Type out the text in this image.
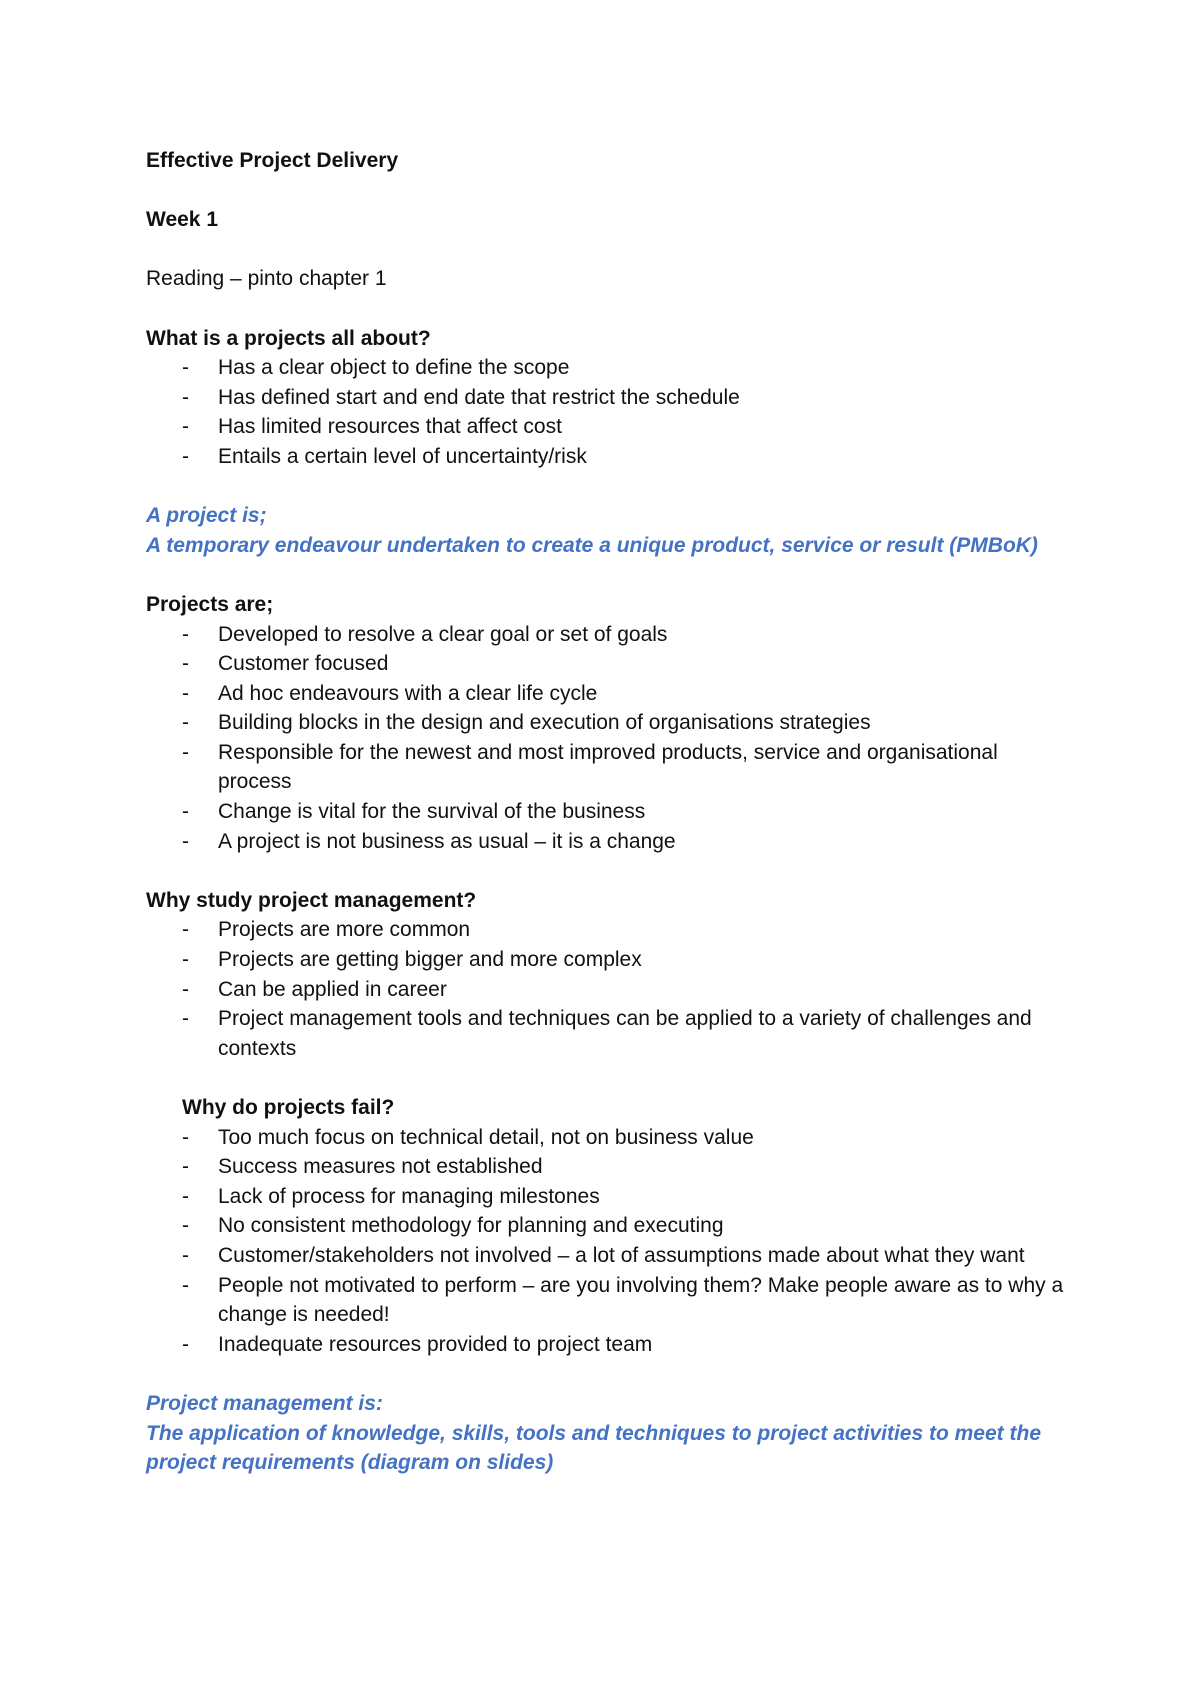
Effective Project Delivery

Week 1

Reading – pinto chapter 1

What is a projects all about?

- Has a clear object to define the scope
- Has defined start and end date that restrict the schedule
- Has limited resources that affect cost
- Entails a certain level of uncertainty/risk

A project is;

A temporary endeavour undertaken to create a unique product, service or result (PMBoK)

Projects are;

- Developed to resolve a clear goal or set of goals
- Customer focused
- Ad hoc endeavours with a clear life cycle
- Building blocks in the design and execution of organisations strategies
- Responsible for the newest and most improved products, service and organisational process
- Change is vital for the survival of the business
- A project is not business as usual – it is a change

Why study project management?

- Projects are more common
- Projects are getting bigger and more complex
- Can be applied in career
- Project management tools and techniques can be applied to a variety of challenges and contexts

Why do projects fail?

- Too much focus on technical detail, not on business value
- Success measures not established
- Lack of process for managing milestones
- No consistent methodology for planning and executing
- Customer/stakeholders not involved – a lot of assumptions made about what they want
- People not motivated to perform – are you involving them? Make people aware as to why a change is needed!
- Inadequate resources provided to project team

Project management is:

The application of knowledge, skills, tools and techniques to project activities to meet the project requirements (diagram on slides)
